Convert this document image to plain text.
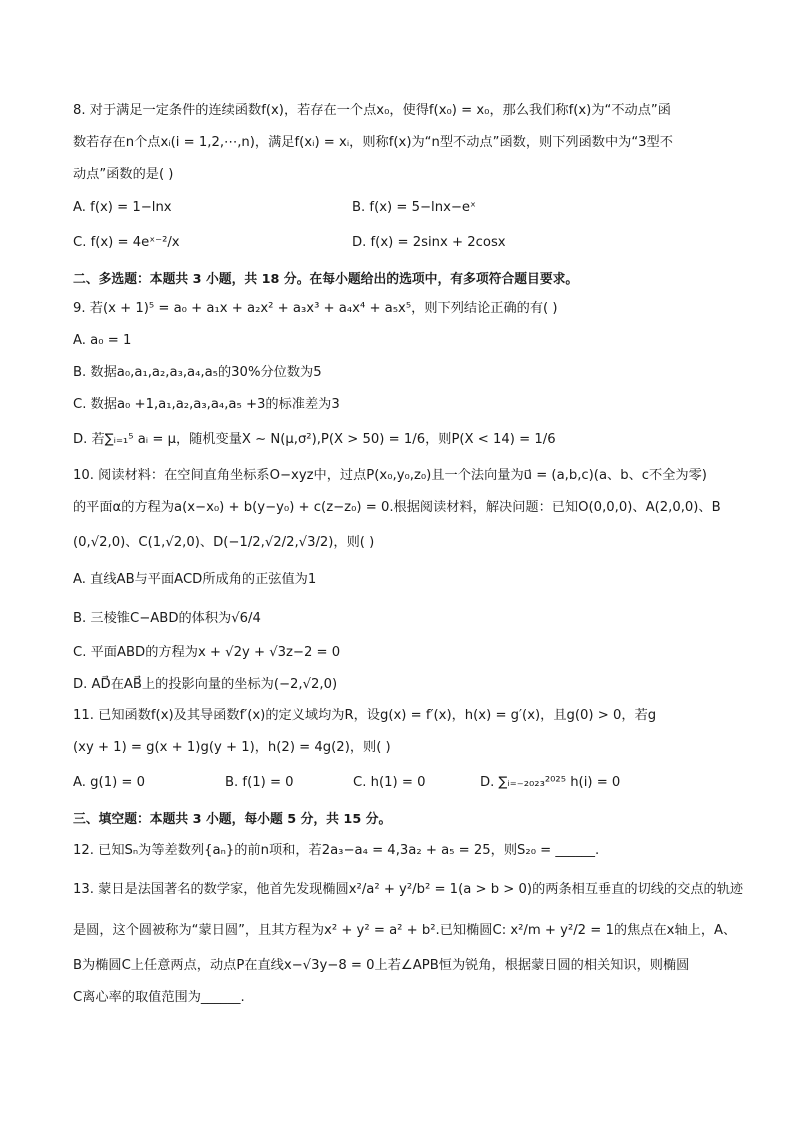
8. 对于满足一定条件的连续函数f(x)，若存在一个点x₀，使得f(x₀) = x₀，那么我们称f(x)为“不动点”函
数若存在n个点xᵢ(i = 1,2,⋯,n)，满足f(xᵢ) = xᵢ，则称f(x)为“n型不动点”函数，则下列函数中为“3型不
动点”函数的是( )
A. f(x) = 1−lnx	B. f(x) = 5−lnx−eˣ
C. f(x) = 4eˣ⁻²/x	D. f(x) = 2sinx + 2cosx
二、多选题：本题共 3 小题，共 18 分。在每小题给出的选项中，有多项符合题目要求。
9. 若(x + 1)⁵ = a₀ + a₁x + a₂x² + a₃x³ + a₄x⁴ + a₅x⁵，则下列结论正确的有( )
A. a₀ = 1
B. 数据a₀,a₁,a₂,a₃,a₄,a₅的30%分位数为5
C. 数据a₀ +1,a₁,a₂,a₃,a₄,a₅ +3的标准差为3
D. 若∑ᵢ₌₁⁵ aᵢ = μ，随机变量X ∼ N(μ,σ²),P(X > 50) = 1/6，则P(X < 14) = 1/6
10. 阅读材料：在空间直角坐标系O−xyz中，过点P(x₀,y₀,z₀)且一个法向量为u⃗ = (a,b,c)(a、b、c不全为零)
的平面α的方程为a(x−x₀) + b(y−y₀) + c(z−z₀) = 0.根据阅读材料，解决问题：已知O(0,0,0)、A(2,0,0)、B
(0,√2,0)、C(1,√2,0)、D(−1/2,√2/2,√3/2)，则( )
A. 直线AB与平面ACD所成角的正弦值为1
B. 三棱锥C−ABD的体积为√6/4
C. 平面ABD的方程为x + √2y + √3z−2 = 0
D. AD⃗在AB⃗上的投影向量的坐标为(−2,√2,0)
11. 已知函数f(x)及其导函数f′(x)的定义域均为R，设g(x) = f′(x)，h(x) = g′(x)，且g(0) > 0，若g
(xy + 1) = g(x + 1)g(y + 1)，h(2) = 4g(2)，则( )
A. g(1) = 0	B. f(1) = 0	C. h(1) = 0	D. ∑ᵢ₌₋₂₀₂₃²⁰²⁵ h(i) = 0
三、填空题：本题共 3 小题，每小题 5 分，共 15 分。
12. 已知Sₙ为等差数列{aₙ}的前n项和，若2a₃−a₄ = 4,3a₂ + a₅ = 25，则S₂₀ = ______.
13. 蒙日是法国著名的数学家，他首先发现椭圆x²/a² + y²/b² = 1(a > b > 0)的两条相互垂直的切线的交点的轨迹
是圆，这个圆被称为“蒙日圆”，且其方程为x² + y² = a² + b².已知椭圆C: x²/m + y²/2 = 1的焦点在x轴上，A、
B为椭圆C上任意两点，动点P在直线x−√3y−8 = 0上若∠APB恒为锐角，根据蒙日圆的相关知识，则椭圆
C离心率的取值范围为______.
